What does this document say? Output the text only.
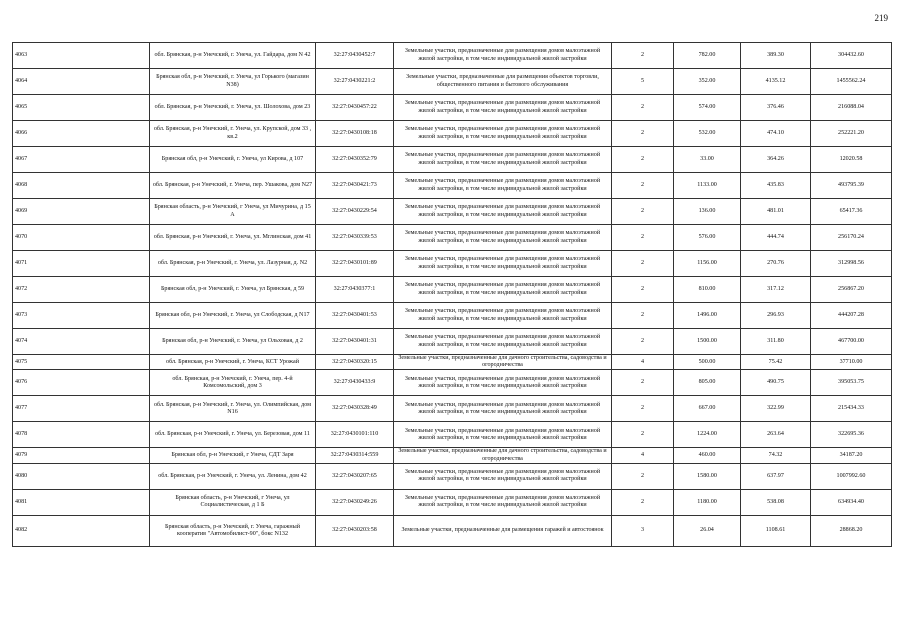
219
4063	обл. Брянская, р-н Унечский, г. Унеча, ул. Гайдара, дом N 42	32:27:0430452:7	Земельные участки, предназначенные для размещения домов малоэтажной жилой застройки, в том числе индивидуальной жилой застройки	2	782.00	389.30	304432.60
4064	Брянская обл, р-н Унечский, г. Унеча, ул Горького (магазин N38)	32:27:0430221:2	Земельные участки, предназначенные для размещения объектов торговли, общественного питания и бытового обслуживания	5	352.00	4135.12	1455562.24
4065	обл. Брянская, р-н Унечский, г. Унеча, ул. Шолохова, дом 23	32:27:0430457:22	Земельные участки, предназначенные для размещения домов малоэтажной жилой застройки, в том числе индивидуальной жилой застройки	2	574.00	376.46	216088.04
4066	обл. Брянская, р-н Унечский, г. Унеча, ул. Крупской, дом 33 , кв.2	32:27:0430108:18	Земельные участки, предназначенные для размещения домов малоэтажной жилой застройки, в том числе индивидуальной жилой застройки	2	532.00	474.10	252221.20
4067	Брянская обл, р-н Унечский, г. Унеча, ул Кирова, д 107	32:27:0430352:79	Земельные участки, предназначенные для размещения домов малоэтажной жилой застройки, в том числе индивидуальной жилой застройки	2	33.00	364.26	12020.58
4068	обл. Брянская, р-н Унечский, г. Унеча, пер. Ушакова, дом N27	32:27:0430421:73	Земельные участки, предназначенные для размещения домов малоэтажной жилой застройки, в том числе индивидуальной жилой застройки	2	1133.00	435.83	493795.39
4069	Брянская область, р-н Унечский, г Унеча, ул Мичурина, д 15 А	32:27:0430229:54	Земельные участки, предназначенные для размещения домов малоэтажной жилой застройки, в том числе индивидуальной жилой застройки	2	136.00	481.01	65417.36
4070	обл. Брянская, р-н Унечский, г. Унеча, ул. Мглинская, дом 41	32:27:0430339:53	Земельные участки, предназначенные для размещения домов малоэтажной жилой застройки, в том числе индивидуальной жилой застройки	2	576.00	444.74	256170.24
4071	обл. Брянская, р-н Унечский, г. Унеча, ул. Лазурная, д. N2	32:27:0430101:89	Земельные участки, предназначенные для размещения домов малоэтажной жилой застройки, в том числе индивидуальной жилой застройки	2	1156.00	270.76	312998.56
4072	Брянская обл, р-н Унечский, г. Унеча, ул Брянская, д 59	32:27:0430377:1	Земельные участки, предназначенные для размещения домов малоэтажной жилой застройки, в том числе индивидуальной жилой застройки	2	810.00	317.12	256867.20
4073	Брянская обл, р-н Унечский, г. Унеча, ул Слободская, д N17	32:27:0430401:53	Земельные участки, предназначенные для размещения домов малоэтажной жилой застройки, в том числе индивидуальной жилой застройки	2	1496.00	296.93	444207.28
4074	Брянская обл, р-н Унечский, г. Унеча, ул Ольховая, д 2	32:27:0430401:31	Земельные участки, предназначенные для размещения домов малоэтажной жилой застройки, в том числе индивидуальной жилой застройки	2	1500.00	311.80	467700.00
4075	обл. Брянская, р-н Унечский, г. Унеча, КСТ Урожай	32:27:0430320:15	Земельные участки, предназначенные для дачного строительства, садоводства и огородничества	4	500.00	75.42	37710.00
4076	обл. Брянская, р-н Унечский, г. Унеча, пер. 4-й Комсомольский, дом 3	32:27:0430433:9	Земельные участки, предназначенные для размещения домов малоэтажной жилой застройки, в том числе индивидуальной жилой застройки	2	805.00	490.75	395053.75
4077	обл. Брянская, р-н Унечский, г. Унеча, ул. Олимпийская, дом N16	32:27:0430328:49	Земельные участки, предназначенные для размещения домов малоэтажной жилой застройки, в том числе индивидуальной жилой застройки	2	667.00	322.99	215434.33
4078	обл. Брянская, р-н Унечский, г. Унеча, ул. Березовая, дом 11	32:27:0430101:110	Земельные участки, предназначенные для размещения домов малоэтажной жилой застройки, в том числе индивидуальной жилой застройки	2	1224.00	263.64	322695.36
4079	Брянская обл, р-н Унечский, г Унеча, СДТ Заря	32:27:0430314:559	Земельные участки, предназначенные для дачного строительства, садоводства и огородничества	4	460.00	74.32	34187.20
4080	обл. Брянская, р-н Унечский, г. Унеча, ул. Ленина, дом 42	32:27:0430207:65	Земельные участки, предназначенные для размещения домов малоэтажной жилой застройки, в том числе индивидуальной жилой застройки	2	1580.00	637.97	1007992.60
4081	Брянская область, р-н Унечский, г Унеча, ул Социалистическая, д 1 Б	32:27:0430249:26	Земельные участки, предназначенные для размещения домов малоэтажной жилой застройки, в том числе индивидуальной жилой застройки	2	1180.00	538.08	634934.40
4082	Брянская область, р-н Унечский, г. Унеча, гаражный кооператив "Автомобилист-90", бокс N132	32:27:0430203:58	Земельные участки, предназначенные для размещения гаражей и автостоянок	3	26.04	1108.61	28868.20
